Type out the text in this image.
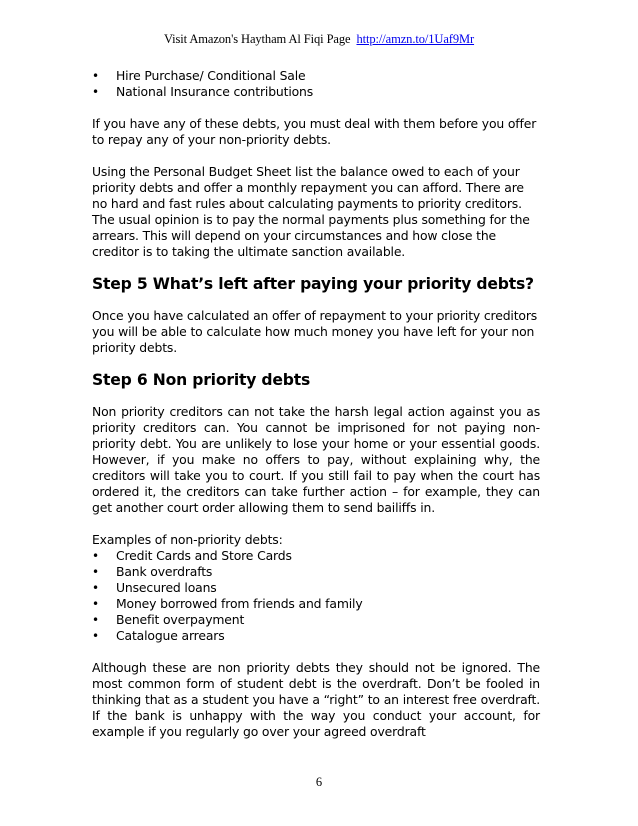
Visit Amazon's Haytham Al Fiqi Page http://amzn.to/1Uaf9Mr
• Hire Purchase/ Conditional Sale
• National Insurance contributions

If you have any of these debts, you must deal with them before you offer to repay any of your non-priority debts.

Using the Personal Budget Sheet list the balance owed to each of your priority debts and offer a monthly repayment you can afford. There are no hard and fast rules about calculating payments to priority creditors. The usual opinion is to pay the normal payments plus something for the arrears. This will depend on your circumstances and how close the creditor is to taking the ultimate sanction available.

Step 5 What’s left after paying your priority debts?

Once you have calculated an offer of repayment to your priority creditors you will be able to calculate how much money you have left for your non priority debts.

Step 6 Non priority debts

Non priority creditors can not take the harsh legal action against you as priority creditors can. You cannot be imprisoned for not paying non-priority debt. You are unlikely to lose your home or your essential goods. However, if you make no offers to pay, without explaining why, the creditors will take you to court. If you still fail to pay when the court has ordered it, the creditors can take further action – for example, they can get another court order allowing them to send bailiffs in.

Examples of non-priority debts:

• Credit Cards and Store Cards
• Bank overdrafts
• Unsecured loans
• Money borrowed from friends and family
• Benefit overpayment
• Catalogue arrears

Although these are non priority debts they should not be ignored. The most common form of student debt is the overdraft. Don’t be fooled in thinking that as a student you have a “right” to an interest free overdraft. If the bank is unhappy with the way you conduct your account, for example if you regularly go over your agreed overdraft

6
